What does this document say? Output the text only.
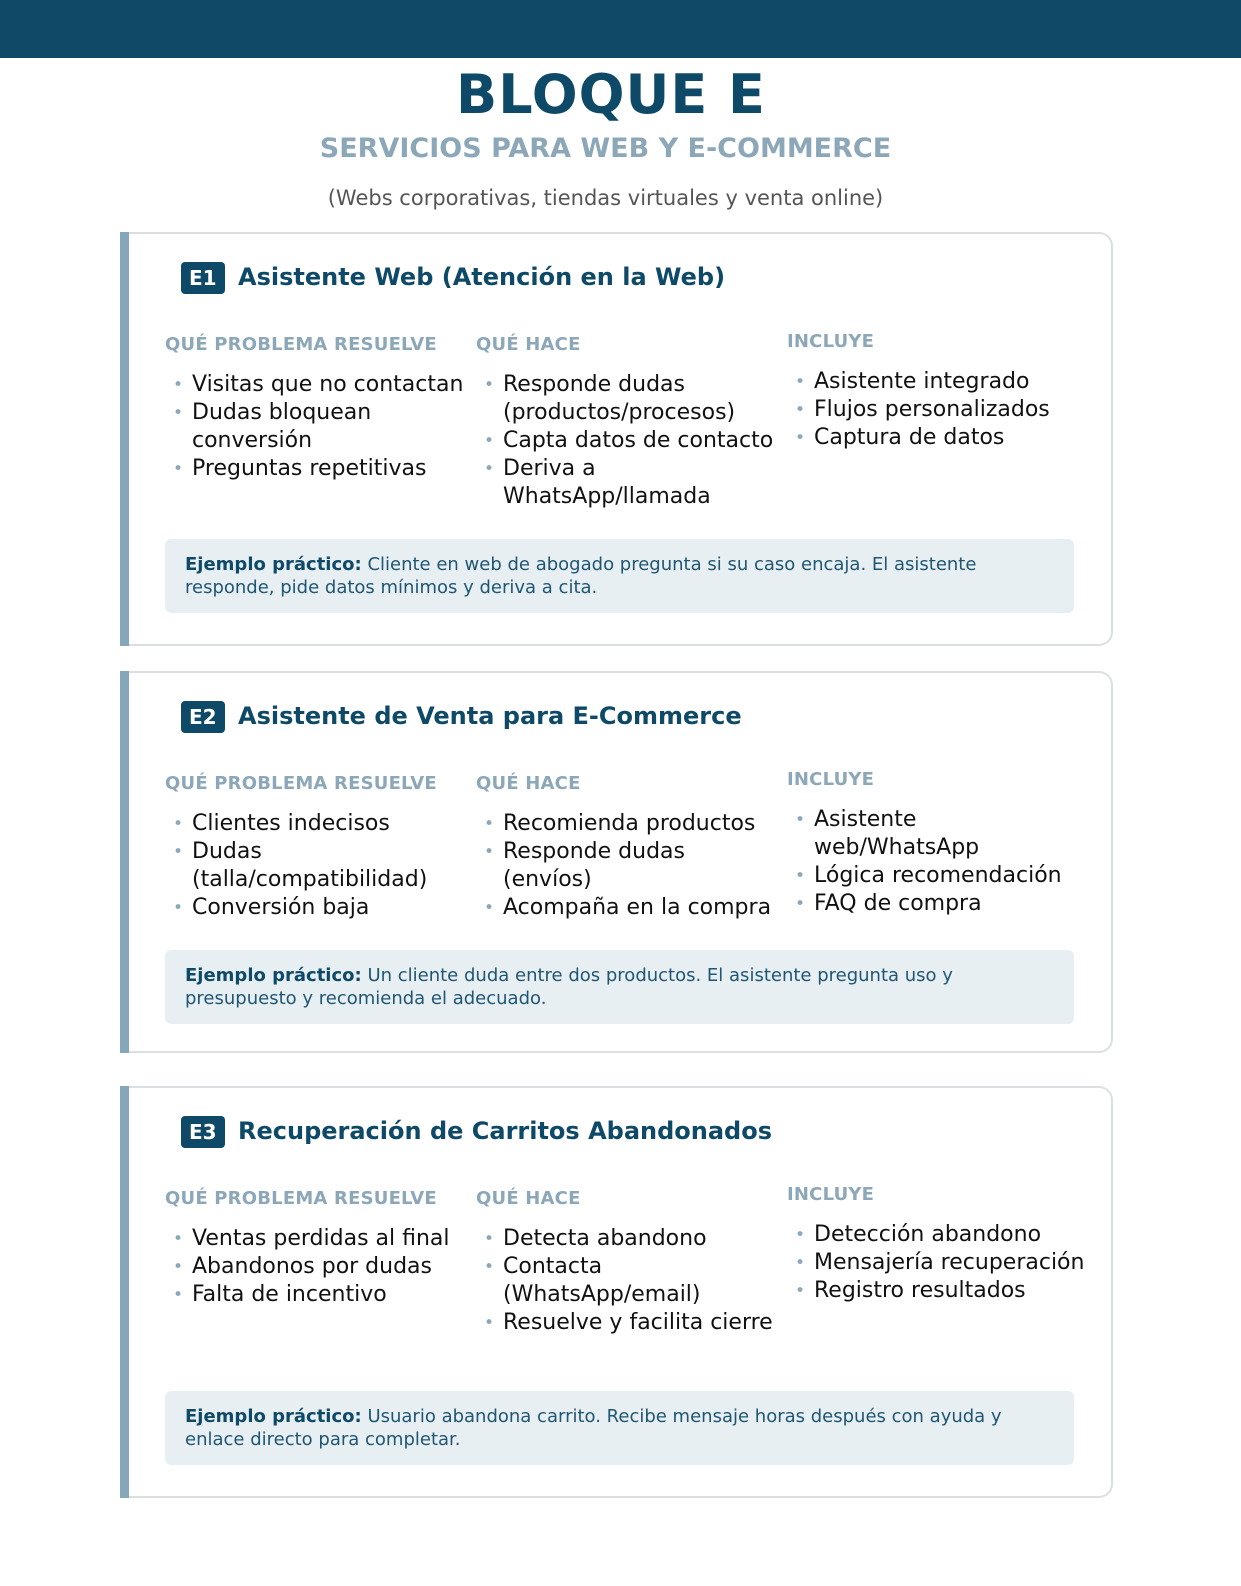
BLOQUE E
SERVICIOS PARA WEB Y E-COMMERCE
(Webs corporativas, tiendas virtuales y venta online)
E1 Asistente Web (Atención en la Web)
QUÉ PROBLEMA RESUELVE
• Visitas que no contactan
• Dudas bloquean conversión
• Preguntas repetitivas
QUÉ HACE
• Responde dudas (productos/procesos)
• Capta datos de contacto
• Deriva a WhatsApp/llamada
INCLUYE
• Asistente integrado
• Flujos personalizados
• Captura de datos
Ejemplo práctico: Cliente en web de abogado pregunta si su caso encaja. El asistente responde, pide datos mínimos y deriva a cita.
E2 Asistente de Venta para E-Commerce
QUÉ PROBLEMA RESUELVE
• Clientes indecisos
• Dudas (talla/compatibilidad)
• Conversión baja
QUÉ HACE
• Recomienda productos
• Responde dudas (envíos)
• Acompaña en la compra
INCLUYE
• Asistente web/WhatsApp
• Lógica recomendación
• FAQ de compra
Ejemplo práctico: Un cliente duda entre dos productos. El asistente pregunta uso y presupuesto y recomienda el adecuado.
E3 Recuperación de Carritos Abandonados
QUÉ PROBLEMA RESUELVE
• Ventas perdidas al final
• Abandonos por dudas
• Falta de incentivo
QUÉ HACE
• Detecta abandono
• Contacta (WhatsApp/email)
• Resuelve y facilita cierre
INCLUYE
• Detección abandono
• Mensajería recuperación
• Registro resultados
Ejemplo práctico: Usuario abandona carrito. Recibe mensaje horas después con ayuda y enlace directo para completar.
